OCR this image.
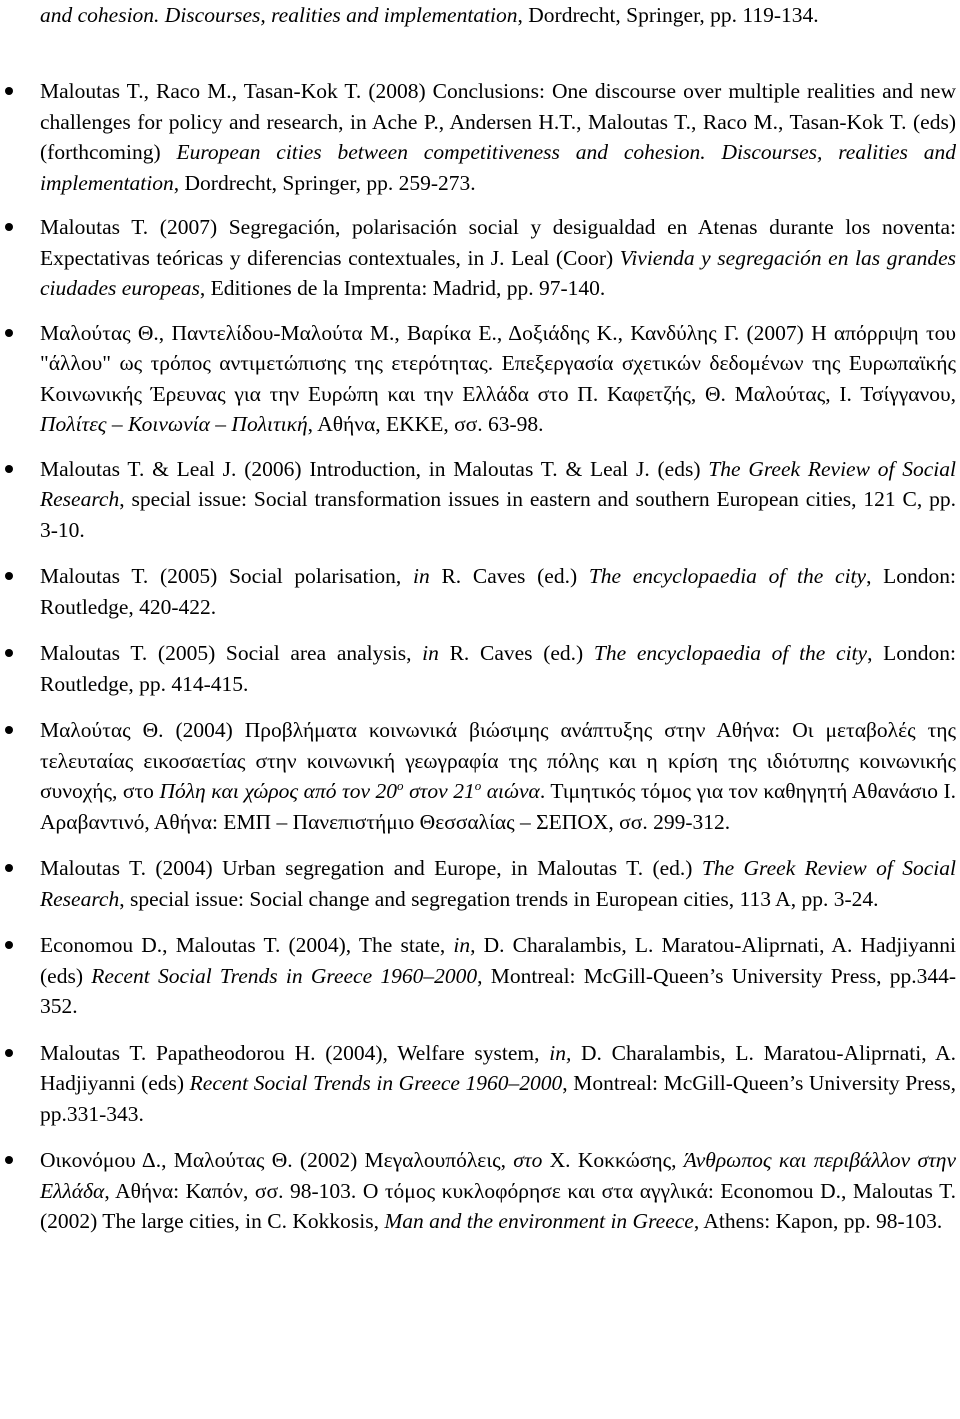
and cohesion. Discourses, realities and implementation, Dordrecht, Springer, pp. 119-134.

Maloutas T., Raco M., Tasan-Kok T. (2008) Conclusions: One discourse over multiple realities and new challenges for policy and research, in Ache P., Andersen H.T., Maloutas T., Raco M., Tasan-Kok T. (eds) (forthcoming) European cities between competitiveness and cohesion. Discourses, realities and implementation, Dordrecht, Springer, pp. 259-273.
Maloutas T. (2007) Segregación, polarisación social y desigualdad en Atenas durante los noventa: Expectativas teóricas y diferencias contextuales, in J. Leal (Coor) Vivienda y segregación en las grandes ciudades europeas, Editiones de la Imprenta: Madrid, pp. 97-140.
Μαλούτας Θ., Παντελίδου-Μαλούτα Μ., Βαρίκα Ε., Δοξιάδης Κ., Κανδύλης Γ. (2007) Η απόρριψη του "άλλου" ως τρόπος αντιμετώπισης της ετερότητας. Επεξεργασία σχετικών δεδομένων της Ευρωπαϊκής Κοινωνικής Έρευνας για την Ευρώπη και την Ελλάδα στο Π. Καφετζής, Θ. Μαλούτας, Ι. Τσίγγανου, Πολίτες – Κοινωνία – Πολιτική, Αθήνα, ΕΚΚΕ, σσ. 63-98.
Maloutas T. & Leal J. (2006) Introduction, in Maloutas T. & Leal J. (eds) The Greek Review of Social Research, special issue: Social transformation issues in eastern and southern European cities, 121 C, pp. 3-10.
Maloutas T. (2005) Social polarisation, in R. Caves (ed.) The encyclopaedia of the city, London: Routledge, 420-422.
Maloutas T. (2005) Social area analysis, in R. Caves (ed.) The encyclopaedia of the city, London: Routledge, pp. 414-415.
Μαλούτας Θ. (2004) Προβλήματα κοινωνικά βιώσιμης ανάπτυξης στην Αθήνα: Οι μεταβολές της τελευταίας εικοσαετίας στην κοινωνική γεωγραφία της πόλης και η κρίση της ιδιότυπης κοινωνικής συνοχής, στο Πόλη και χώρος από τον $20^o$ στον $21^o$ αιώνα. Τιμητικός τόμος για τον καθηγητή Αθανάσιο Ι. Αραβαντινό, Αθήνα: ΕΜΠ – Πανεπιστήμιο Θεσσαλίας – ΣΕΠΟΧ, σσ. 299-312.
Maloutas T. (2004) Urban segregation and Europe, in Maloutas T. (ed.) The Greek Review of Social Research, special issue: Social change and segregation trends in European cities, 113 A, pp. 3-24.
Economou D., Maloutas T. (2004), The state, in, D. Charalambis, L. Maratou-Aliprnati, A. Hadjiyanni (eds) Recent Social Trends in Greece 1960–2000, Montreal: McGill-Queen’s University Press, pp.344-352.
Maloutas T. Papatheodorou H. (2004), Welfare system, in, D. Charalambis, L. Maratou-Aliprnati, A. Hadjiyanni (eds) Recent Social Trends in Greece 1960–2000, Montreal: McGill-Queen’s University Press, pp.331-343.
Οικονόμου Δ., Μαλούτας Θ. (2002) Μεγαλουπόλεις, στο Χ. Κοκκώσης, Άνθρωπος και περιβάλλον στην Ελλάδα, Αθήνα: Καπόν, σσ. 98-103. Ο τόμος κυκλοφόρησε και στα αγγλικά: Economou D., Maloutas T. (2002) The large cities, in C. Kokkosis, Man and the environment in Greece, Athens: Kapon, pp. 98-103.
